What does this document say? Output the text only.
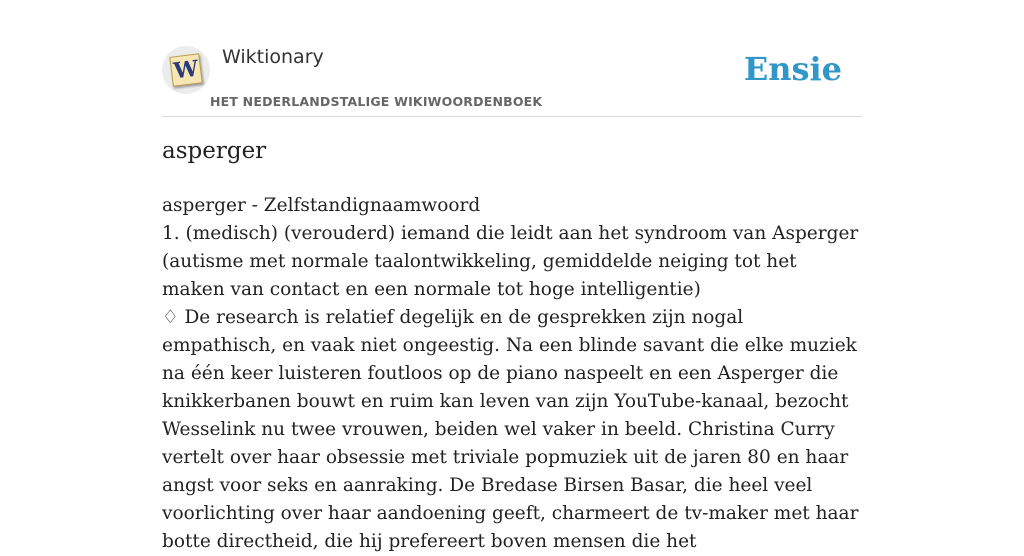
W Wiktionary
HET NEDERLANDSTALIGE WIKIWOORDENBOEK
Ensie
asperger

asperger - Zelfstandignaamwoord

1. (medisch) (verouderd) iemand die leidt aan het syndroom van Asperger (autisme met normale taalontwikkeling, gemiddelde neiging tot het maken van contact en een normale tot hoge intelligentie)

♢ De research is relatief degelijk en de gesprekken zijn nogal empathisch, en vaak niet ongeestig. Na een blinde savant die elke muziek na één keer luisteren foutloos op de piano naspeelt en een Asperger die knikkerbanen bouwt en ruim kan leven van zijn YouTube-kanaal, bezocht Wesselink nu twee vrouwen, beiden wel vaker in beeld. Christina Curry vertelt over haar obsessie met triviale popmuziek uit de jaren 80 en haar angst voor seks en aanraking. De Bredase Birsen Basar, die heel veel voorlichting over haar aandoening geeft, charmeert de tv-maker met haar botte directheid, die hij prefereert boven mensen die het
